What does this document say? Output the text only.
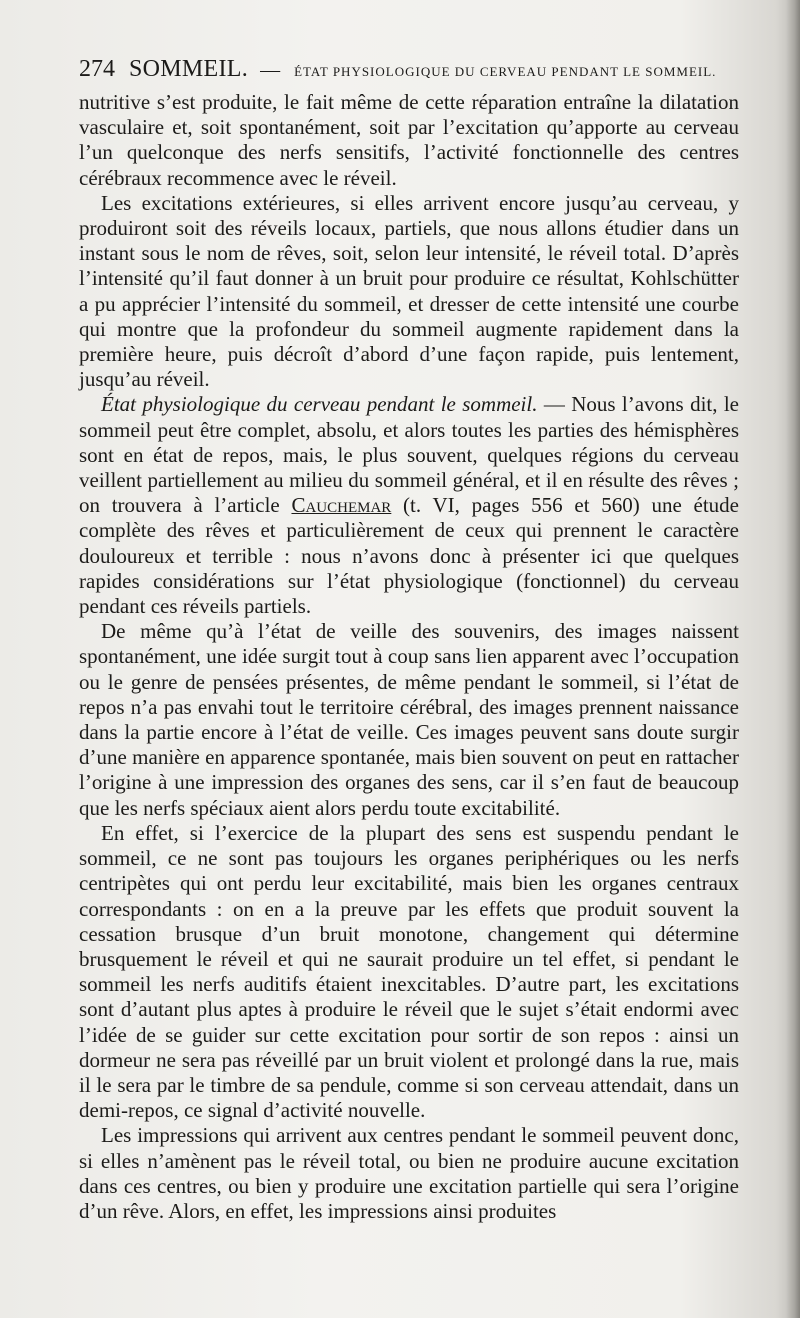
274 SOMMEIL. — ÉTAT PHYSIOLOGIQUE DU CERVEAU PENDANT LE SOMMEIL.

nutritive s’est produite, le fait même de cette réparation entraîne la dilatation vasculaire et, soit spontanément, soit par l’excitation qu’apporte au cerveau l’un quelconque des nerfs sensitifs, l’activité fonctionnelle des centres cérébraux recommence avec le réveil.

Les excitations extérieures, si elles arrivent encore jusqu’au cerveau, y produiront soit des réveils locaux, partiels, que nous allons étudier dans un instant sous le nom de rêves, soit, selon leur intensité, le réveil total. D’après l’intensité qu’il faut donner à un bruit pour produire ce résultat, Kohlschütter a pu apprécier l’intensité du sommeil, et dresser de cette intensité une courbe qui montre que la profondeur du sommeil augmente rapidement dans la première heure, puis décroît d’abord d’une façon rapide, puis lentement, jusqu’au réveil.

État physiologique du cerveau pendant le sommeil. — Nous l’avons dit, le sommeil peut être complet, absolu, et alors toutes les parties des hémisphères sont en état de repos, mais, le plus souvent, quelques régions du cerveau veillent partiellement au milieu du sommeil général, et il en résulte des rêves ; on trouvera à l’article Cauchemar (t. VI, pages 556 et 560) une étude complète des rêves et particulièrement de ceux qui prennent le caractère douloureux et terrible : nous n’avons donc à présenter ici que quelques rapides considérations sur l’état physiologique (fonctionnel) du cerveau pendant ces réveils partiels.

De même qu’à l’état de veille des souvenirs, des images naissent spontanément, une idée surgit tout à coup sans lien apparent avec l’occupation ou le genre de pensées présentes, de même pendant le sommeil, si l’état de repos n’a pas envahi tout le territoire cérébral, des images prennent naissance dans la partie encore à l’état de veille. Ces images peuvent sans doute surgir d’une manière en apparence spontanée, mais bien souvent on peut en rattacher l’origine à une impression des organes des sens, car il s’en faut de beaucoup que les nerfs spéciaux aient alors perdu toute excitabilité.

En effet, si l’exercice de la plupart des sens est suspendu pendant le sommeil, ce ne sont pas toujours les organes periphériques ou les nerfs centripètes qui ont perdu leur excitabilité, mais bien les organes centraux correspondants : on en a la preuve par les effets que produit souvent la cessation brusque d’un bruit monotone, changement qui détermine brusquement le réveil et qui ne saurait produire un tel effet, si pendant le sommeil les nerfs auditifs étaient inexcitables. D’autre part, les excitations sont d’autant plus aptes à produire le réveil que le sujet s’était endormi avec l’idée de se guider sur cette excitation pour sortir de son repos : ainsi un dormeur ne sera pas réveillé par un bruit violent et prolongé dans la rue, mais il le sera par le timbre de sa pendule, comme si son cerveau attendait, dans un demi-repos, ce signal d’activité nouvelle.

Les impressions qui arrivent aux centres pendant le sommeil peuvent donc, si elles n’amènent pas le réveil total, ou bien ne produire aucune excitation dans ces centres, ou bien y produire une excitation partielle qui sera l’origine d’un rêve. Alors, en effet, les impressions ainsi produites
